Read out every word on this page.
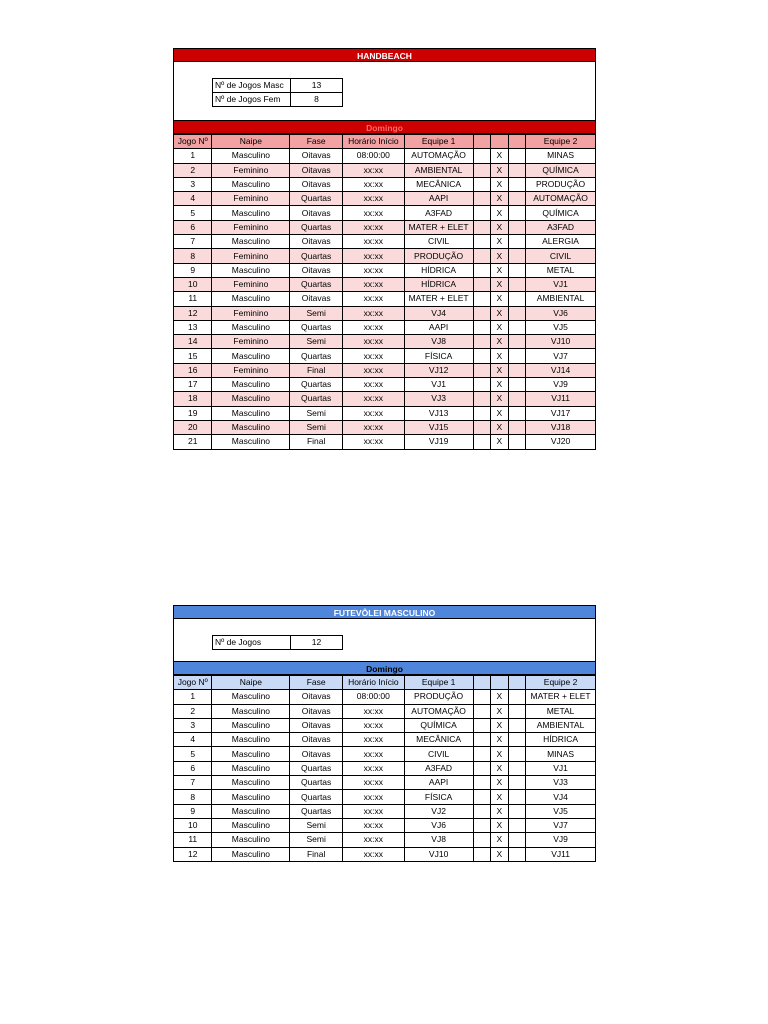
HANDBEACH
Nº de Jogos Masc	13
Nº de Jogos Fem	8
Domingo
Jogo Nº	Naipe	Fase	Horário Início	Equipe 1				Equipe 2
1	Masculino	Oitavas	08:00:00	AUTOMAÇÃO		X		MINAS
2	Feminino	Oitavas	xx:xx	AMBIENTAL		X		QUÍMICA
3	Masculino	Oitavas	xx:xx	MECÂNICA		X		PRODUÇÃO
4	Feminino	Quartas	xx:xx	AAPI		X		AUTOMAÇÃO
5	Masculino	Oitavas	xx:xx	A3FAD		X		QUÍMICA
6	Feminino	Quartas	xx:xx	MATER + ELET		X		A3FAD
7	Masculino	Oitavas	xx:xx	CIVIL		X		ALERGIA
8	Feminino	Quartas	xx:xx	PRODUÇÃO		X		CIVIL
9	Masculino	Oitavas	xx:xx	HÍDRICA		X		METAL
10	Feminino	Quartas	xx:xx	HÍDRICA		X		VJ1
11	Masculino	Oitavas	xx:xx	MATER + ELET		X		AMBIENTAL
12	Feminino	Semi	xx:xx	VJ4		X		VJ6
13	Masculino	Quartas	xx:xx	AAPI		X		VJ5
14	Feminino	Semi	xx:xx	VJ8		X		VJ10
15	Masculino	Quartas	xx:xx	FÍSICA		X		VJ7
16	Feminino	Final	xx:xx	VJ12		X		VJ14
17	Masculino	Quartas	xx:xx	VJ1		X		VJ9
18	Masculino	Quartas	xx:xx	VJ3		X		VJ11
19	Masculino	Semi	xx:xx	VJ13		X		VJ17
20	Masculino	Semi	xx:xx	VJ15		X		VJ18
21	Masculino	Final	xx:xx	VJ19		X		VJ20
FUTEVÔLEI MASCULINO
Nº de Jogos	12
Domingo
Jogo Nº	Naipe	Fase	Horário Início	Equipe 1				Equipe 2
1	Masculino	Oitavas	08:00:00	PRODUÇÃO		X		MATER + ELET
2	Masculino	Oitavas	xx:xx	AUTOMAÇÃO		X		METAL
3	Masculino	Oitavas	xx:xx	QUÍMICA		X		AMBIENTAL
4	Masculino	Oitavas	xx:xx	MECÂNICA		X		HÍDRICA
5	Masculino	Oitavas	xx:xx	CIVIL		X		MINAS
6	Masculino	Quartas	xx:xx	A3FAD		X		VJ1
7	Masculino	Quartas	xx:xx	AAPI		X		VJ3
8	Masculino	Quartas	xx:xx	FÍSICA		X		VJ4
9	Masculino	Quartas	xx:xx	VJ2		X		VJ5
10	Masculino	Semi	xx:xx	VJ6		X		VJ7
11	Masculino	Semi	xx:xx	VJ8		X		VJ9
12	Masculino	Final	xx:xx	VJ10		X		VJ11
